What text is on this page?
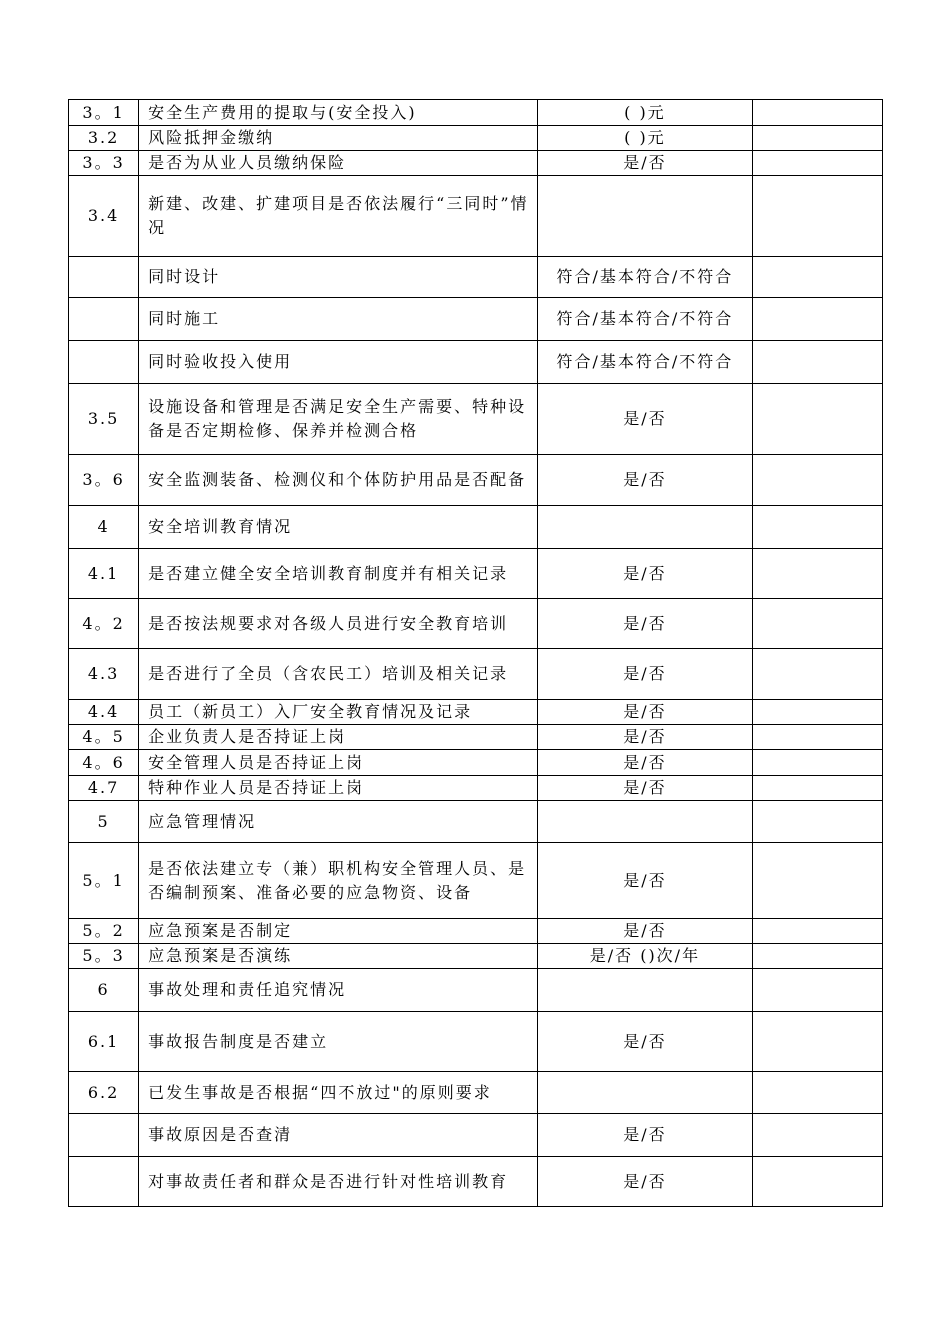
3。1	安全生产费用的提取与(安全投入)	( )元	
3.2	风险抵押金缴纳	( )元	
3。3	是否为从业人员缴纳保险	是/否	
3.4	新建、改建、扩建项目是否依法履行“三同时”情况		
	同时设计	符合/基本符合/不符合	
	同时施工	符合/基本符合/不符合	
	同时验收投入使用	符合/基本符合/不符合	
3.5	设施设备和管理是否满足安全生产需要、特种设备是否定期检修、保养并检测合格	是/否	
3。6	安全监测装备、检测仪和个体防护用品是否配备	是/否	
4	安全培训教育情况		
4.1	是否建立健全安全培训教育制度并有相关记录	是/否	
4。2	是否按法规要求对各级人员进行安全教育培训	是/否	
4.3	是否进行了全员（含农民工）培训及相关记录	是/否	
4.4	员工（新员工）入厂安全教育情况及记录	是/否	
4。5	企业负责人是否持证上岗	是/否	
4。6	安全管理人员是否持证上岗	是/否	
4.7	特种作业人员是否持证上岗	是/否	
5	应急管理情况		
5。1	是否依法建立专（兼）职机构安全管理人员、是否编制预案、准备必要的应急物资、设备	是/否	
5。2	应急预案是否制定	是/否	
5。3	应急预案是否演练	是/否 ()次/年	
6	事故处理和责任追究情况		
6.1	事故报告制度是否建立	是/否	
6.2	已发生事故是否根据“四不放过"的原则要求		
	事故原因是否查清	是/否	
	对事故责任者和群众是否进行针对性培训教育	是/否	
